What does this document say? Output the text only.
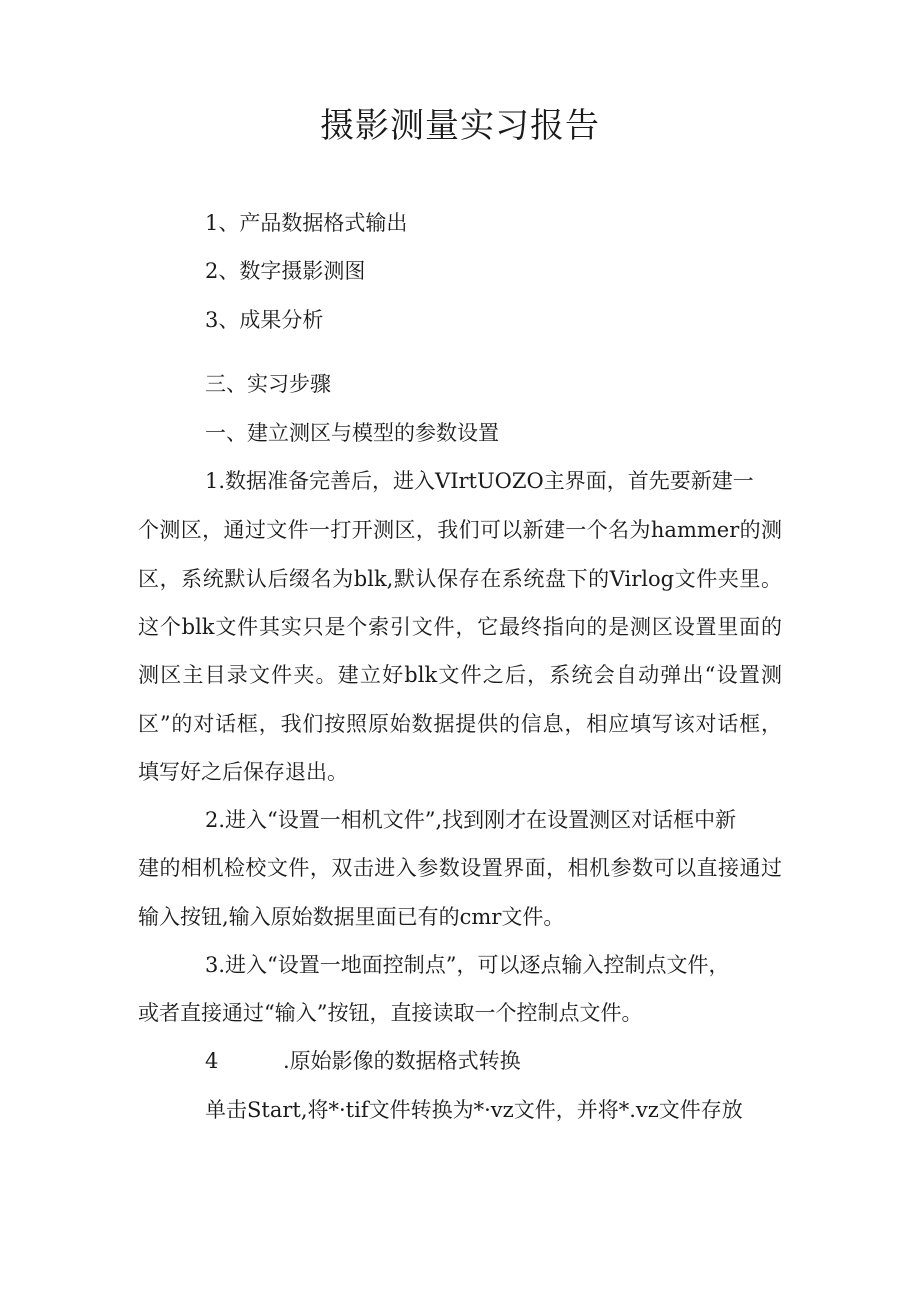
摄影测量实习报告
1、产品数据格式输出
2、数字摄影测图
3、成果分析
三、实习步骤
一、建立测区与模型的参数设置
1.数据准备完善后，进入VIrtUOZO主界面，首先要新建一
个测区，通过文件一打开测区，我们可以新建一个名为hammer的测
区，系统默认后缀名为blk,默认保存在系统盘下的Virlog文件夹里。
这个blk文件其实只是个索引文件，它最终指向的是测区设置里面的
测区主目录文件夹。建立好blk文件之后，系统会自动弹出“设置测
区”的对话框，我们按照原始数据提供的信息，相应填写该对话框，
填写好之后保存退出。
2.进入“设置一相机文件”,找到刚才在设置测区对话框中新
建的相机检校文件，双击进入参数设置界面，相机参数可以直接通过
输入按钮,输入原始数据里面已有的cmr文件。
3.进入“设置一地面控制点”，可以逐点输入控制点文件，
或者直接通过“输入”按钮，直接读取一个控制点文件。
4	.原始影像的数据格式转换
单击Start,将*·tif文件转换为*·vz文件，并将*.vz文件存放
